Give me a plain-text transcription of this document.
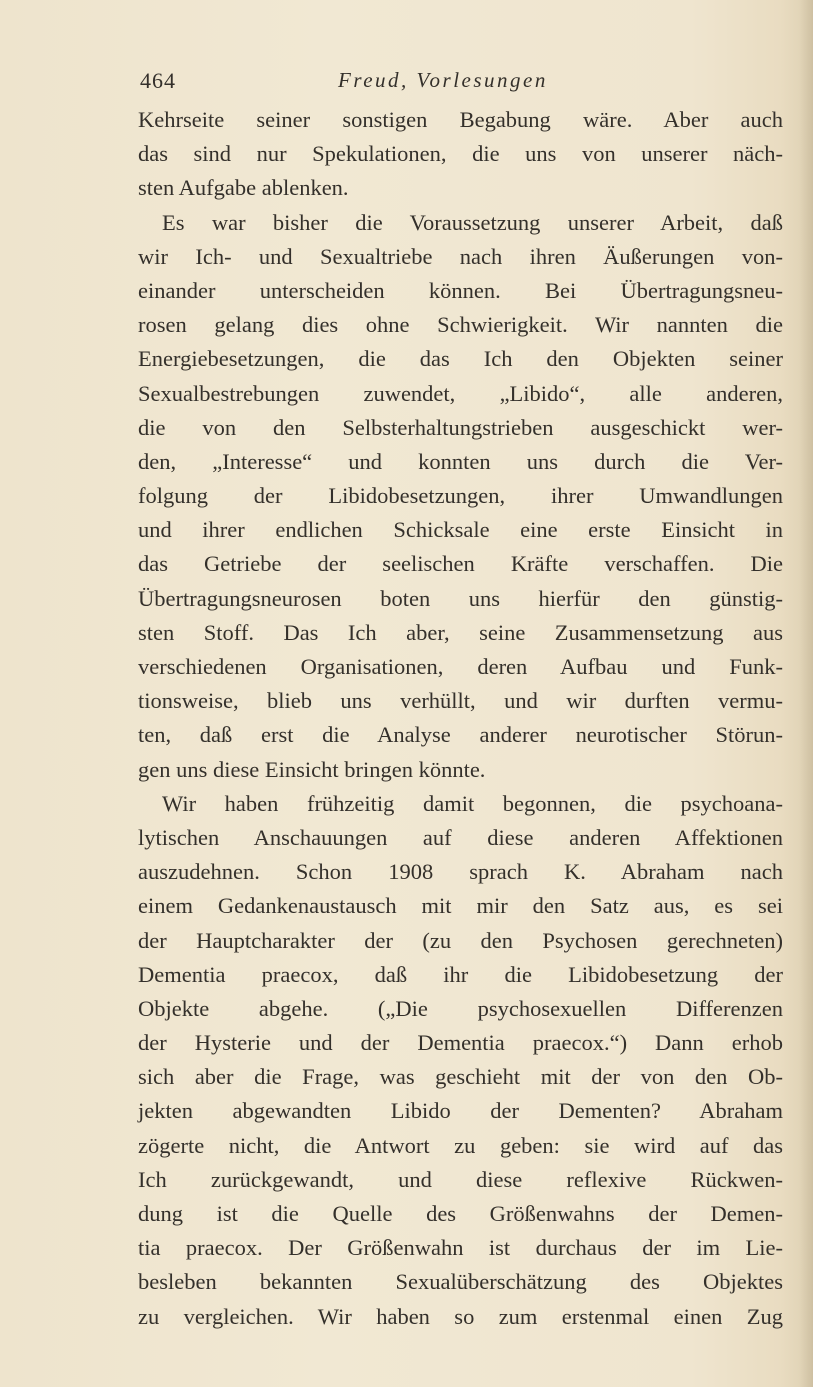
464	Freud, Vorlesungen
Kehrseite seiner sonstigen Begabung wäre. Aber auch
das sind nur Spekulationen, die uns von unserer näch-
sten Aufgabe ablenken.
Es war bisher die Voraussetzung unserer Arbeit, daß
wir Ich- und Sexualtriebe nach ihren Äußerungen von-
einander unterscheiden können. Bei Übertragungsneu-
rosen gelang dies ohne Schwierigkeit. Wir nannten die
Energiebesetzungen, die das Ich den Objekten seiner
Sexualbestrebungen zuwendet, „Libido“, alle anderen,
die von den Selbsterhaltungstrieben ausgeschickt wer-
den, „Interesse“ und konnten uns durch die Ver-
folgung der Libidobesetzungen, ihrer Umwandlungen
und ihrer endlichen Schicksale eine erste Einsicht in
das Getriebe der seelischen Kräfte verschaffen. Die
Übertragungsneurosen boten uns hierfür den günstig-
sten Stoff. Das Ich aber, seine Zusammensetzung aus
verschiedenen Organisationen, deren Aufbau und Funk-
tionsweise, blieb uns verhüllt, und wir durften vermu-
ten, daß erst die Analyse anderer neurotischer Störun-
gen uns diese Einsicht bringen könnte.
Wir haben frühzeitig damit begonnen, die psychoana-
lytischen Anschauungen auf diese anderen Affektionen
auszudehnen. Schon 1908 sprach K. Abraham nach
einem Gedankenaustausch mit mir den Satz aus, es sei
der Hauptcharakter der (zu den Psychosen gerechneten)
Dementia praecox, daß ihr die Libidobesetzung der
Objekte abgehe. („Die psychosexuellen Differenzen
der Hysterie und der Dementia praecox.“) Dann erhob
sich aber die Frage, was geschieht mit der von den Ob-
jekten abgewandten Libido der Dementen? Abraham
zögerte nicht, die Antwort zu geben: sie wird auf das
Ich zurückgewandt, und diese reflexive Rückwen-
dung ist die Quelle des Größenwahns der Demen-
tia praecox. Der Größenwahn ist durchaus der im Lie-
besleben bekannten Sexualüberschätzung des Objektes
zu vergleichen. Wir haben so zum erstenmal einen Zug
